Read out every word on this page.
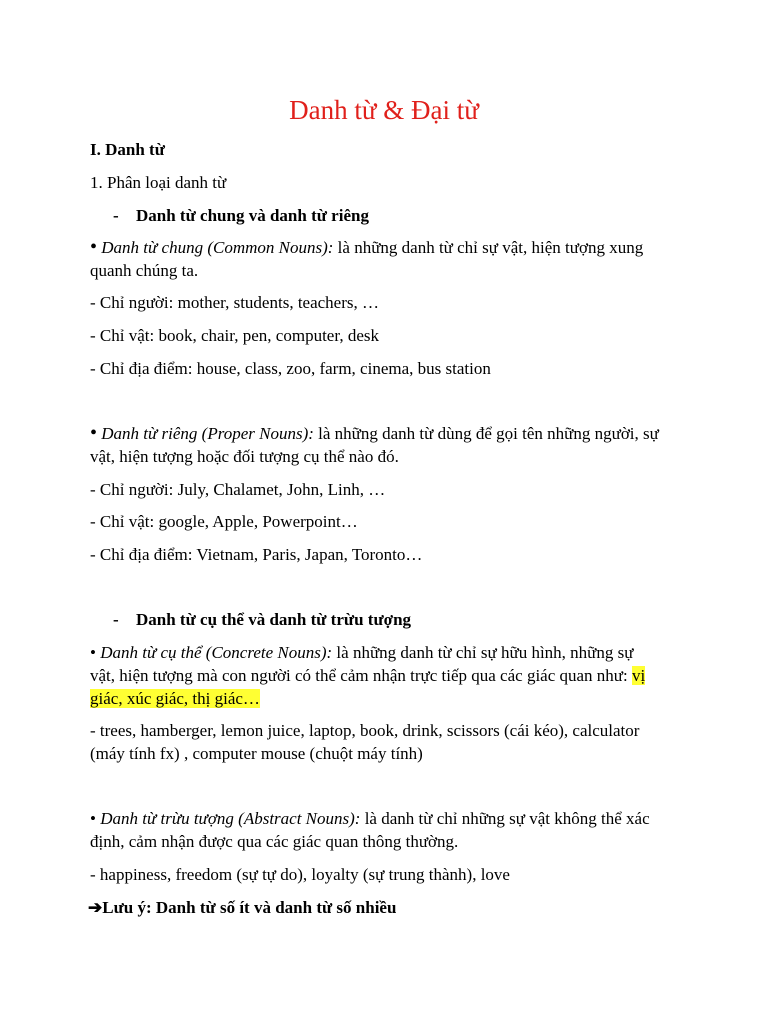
Danh từ & Đại từ
I. Danh từ
1. Phân loại danh từ
- Danh từ chung và danh từ riêng
• Danh từ chung (Common Nouns): là những danh từ chỉ sự vật, hiện tượng xung
quanh chúng ta.
- Chỉ người: mother, students, teachers, …
- Chỉ vật: book, chair, pen, computer, desk
- Chỉ địa điểm: house, class, zoo, farm, cinema, bus station
• Danh từ riêng (Proper Nouns): là những danh từ dùng để gọi tên những người, sự
vật, hiện tượng hoặc đối tượng cụ thể nào đó.
- Chỉ người: July, Chalamet, John, Linh, …
- Chỉ vật: google, Apple, Powerpoint…
- Chỉ địa điểm: Vietnam, Paris, Japan, Toronto…
- Danh từ cụ thể và danh từ trừu tượng
• Danh từ cụ thể (Concrete Nouns): là những danh từ chỉ sự hữu hình, những sự
vật, hiện tượng mà con người có thể cảm nhận trực tiếp qua các giác quan như: vị
giác, xúc giác, thị giác…
- trees, hamberger, lemon juice, laptop, book, drink, scissors (cái kéo), calculator
(máy tính fx) , computer mouse (chuột máy tính)
• Danh từ trừu tượng (Abstract Nouns): là danh từ chỉ những sự vật không thể xác
định, cảm nhận được qua các giác quan thông thường.
- happiness, freedom (sự tự do), loyalty (sự trung thành), love
➔Lưu ý: Danh từ số ít và danh từ số nhiều
